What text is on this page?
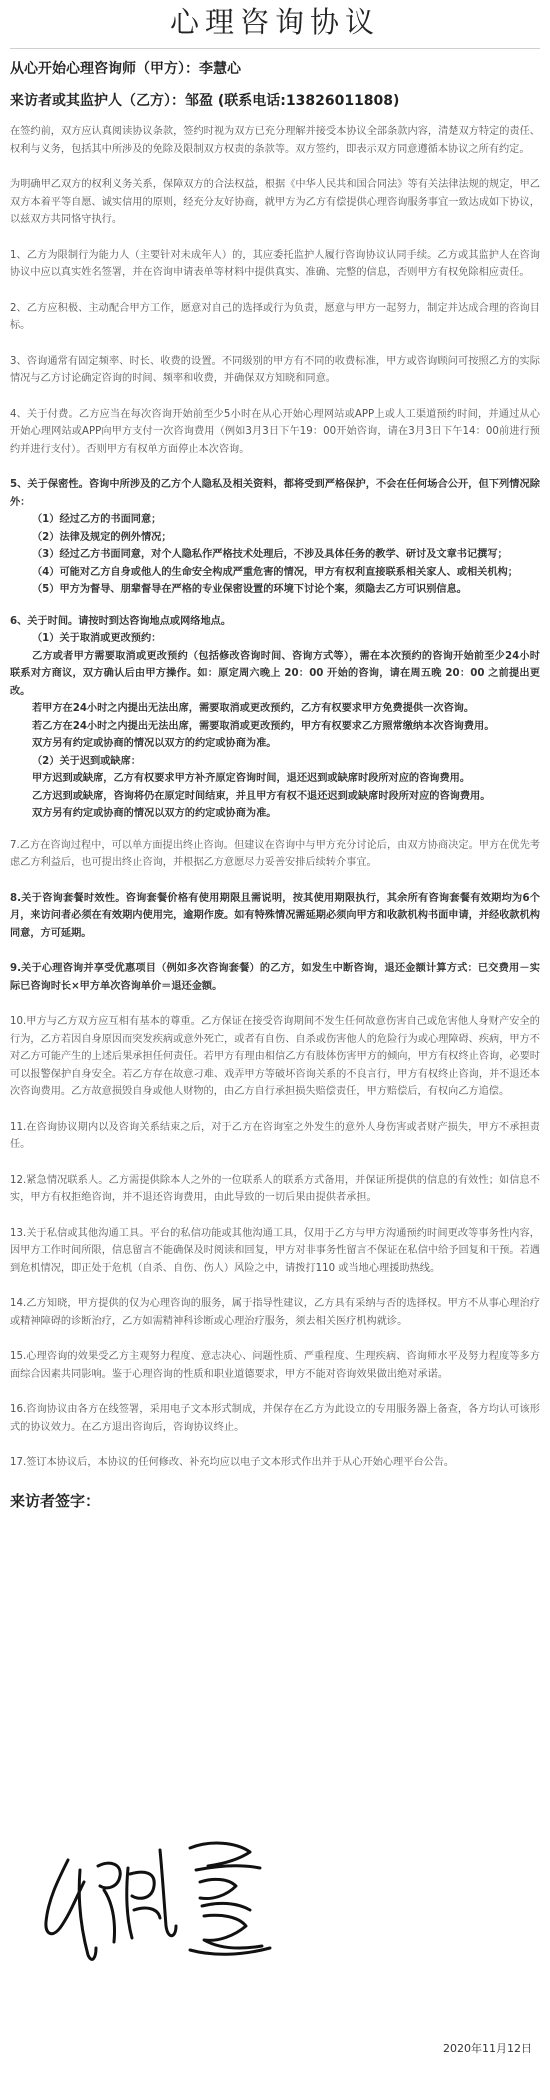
心理咨询协议
从心开始心理咨询师（甲方）：李慧心
来访者或其监护人（乙方）：邹盈 (联系电话:13826011808)

在签约前，双方应认真阅读协议条款，签约时视为双方已充分理解并接受本协议全部条款内容，清楚双方特定的责任、权利与义务，包括其中所涉及的免除及限制双方权责的条款等。双方签约，即表示双方同意遵循本协议之所有约定。

为明确甲乙双方的权利义务关系，保障双方的合法权益，根据《中华人民共和国合同法》等有关法律法规的规定，甲乙双方本着平等自愿、诚实信用的原则，经充分友好协商，就甲方为乙方有偿提供心理咨询服务事宜一致达成如下协议，以兹双方共同恪守执行。

1、乙方为限制行为能力人（主要针对未成年人）的，其应委托监护人履行咨询协议认同手续。乙方或其监护人在咨询协议中应以真实姓名签署，并在咨询申请表单等材料中提供真实、准确、完整的信息，否则甲方有权免除相应责任。

2、乙方应积极、主动配合甲方工作，愿意对自己的选择或行为负责，愿意与甲方一起努力，制定并达成合理的咨询目标。

3、咨询通常有固定频率、时长、收费的设置。不同级别的甲方有不同的收费标准，甲方或咨询顾问可按照乙方的实际情况与乙方讨论确定咨询的时间、频率和收费，并确保双方知晓和同意。

4、关于付费。乙方应当在每次咨询开始前至少5小时在从心开始心理网站或APP上或人工渠道预约时间，并通过从心开始心理网站或APP向甲方支付一次咨询费用（例如3月3日下午19：00开始咨询，请在3月3日下午14：00前进行预约并进行支付）。否则甲方有权单方面停止本次咨询。

5、关于保密性。咨询中所涉及的乙方个人隐私及相关资料，都将受到严格保护，不会在任何场合公开，但下列情况除外：

（1）经过乙方的书面同意；

（2）法律及规定的例外情况；

（3）经过乙方书面同意，对个人隐私作严格技术处理后，不涉及具体任务的教学、研讨及文章书记撰写；

（4）可能对乙方自身或他人的生命安全构成严重危害的情况，甲方有权利直接联系相关家人、或相关机构；

（5）甲方为督导、朋辈督导在严格的专业保密设置的环境下讨论个案，须隐去乙方可识别信息。

6、关于时间。请按时到达咨询地点或网络地点。

（1）关于取消或更改预约：

乙方或者甲方需要取消或更改预约（包括修改咨询时间、咨询方式等），需在本次预约的咨询开始前至少24小时联系对方商议，双方确认后由甲方操作。如：原定周六晚上 20：00 开始的咨询，请在周五晚 20：00 之前提出更改。

若甲方在24小时之内提出无法出席，需要取消或更改预约，乙方有权要求甲方免费提供一次咨询。

若乙方在24小时之内提出无法出席，需要取消或更改预约，甲方有权要求乙方照常缴纳本次咨询费用。

双方另有约定或协商的情况以双方的约定或协商为准。

（2）关于迟到或缺席：

甲方迟到或缺席，乙方有权要求甲方补齐原定咨询时间，退还迟到或缺席时段所对应的咨询费用。

乙方迟到或缺席，咨询将仍在原定时间结束，并且甲方有权不退还迟到或缺席时段所对应的咨询费用。

双方另有约定或协商的情况以双方的约定或协商为准。

7.乙方在咨询过程中，可以单方面提出终止咨询。但建议在咨询中与甲方充分讨论后，由双方协商决定。甲方在优先考虑乙方利益后，也可提出终止咨询，并根据乙方意愿尽力妥善安排后续转介事宜。

8.关于咨询套餐时效性。咨询套餐价格有使用期限且需说明，按其使用期限执行，其余所有咨询套餐有效期均为6个月，来访问者必须在有效期内使用完，逾期作废。如有特殊情况需延期必须向甲方和收款机构书面申请，并经收款机构同意，方可延期。

9.关于心理咨询并享受优惠项目（例如多次咨询套餐）的乙方，如发生中断咨询，退还金额计算方式：已交费用－实际已咨询时长×甲方单次咨询单价＝退还金额。

10.甲方与乙方双方应互相有基本的尊重。乙方保证在接受咨询期间不发生任何故意伤害自己或危害他人身财产安全的行为，乙方若因自身原因而突发疾病或意外死亡，或者有自伤、自杀或伤害他人的危险行为或心理障碍、疾病，甲方不对乙方可能产生的上述后果承担任何责任。若甲方有理由相信乙方有肢体伤害甲方的倾向，甲方有权终止咨询，必要时可以报警保护自身安全。若乙方存在故意刁难、戏弄甲方等破坏咨询关系的不良言行，甲方有权终止咨询，并不退还本次咨询费用。乙方故意损毁自身或他人财物的，由乙方自行承担损失赔偿责任，甲方赔偿后，有权向乙方追偿。

11.在咨询协议期内以及咨询关系结束之后，对于乙方在咨询室之外发生的意外人身伤害或者财产损失，甲方不承担责任。

12.紧急情况联系人。乙方需提供除本人之外的一位联系人的联系方式备用，并保证所提供的信息的有效性；如信息不实，甲方有权拒绝咨询，并不退还咨询费用，由此导致的一切后果由提供者承担。

13.关于私信或其他沟通工具。平台的私信功能或其他沟通工具，仅用于乙方与甲方沟通预约时间更改等事务性内容，因甲方工作时间所限，信息留言不能确保及时阅读和回复，甲方对非事务性留言不保证在私信中给予回复和干预。若遇到危机情况，即正处于危机（自杀、自伤、伤人）风险之中，请拨打110 或当地心理援助热线。

14.乙方知晓，甲方提供的仅为心理咨询的服务，属于指导性建议，乙方具有采纳与否的选择权。甲方不从事心理治疗或精神障碍的诊断治疗，乙方如需精神科诊断或心理治疗服务，须去相关医疗机构就诊。

15.心理咨询的效果受乙方主观努力程度、意志决心、问题性质、严重程度、生理疾病、咨询师水平及努力程度等多方面综合因素共同影响。鉴于心理咨询的性质和职业道德要求，甲方不能对咨询效果做出绝对承诺。

16.咨询协议由各方在线签署，采用电子文本形式制成，并保存在乙方为此设立的专用服务器上备查，各方均认可该形式的协议效力。在乙方退出咨询后，咨询协议终止。

17.签订本协议后，本协议的任何修改、补充均应以电子文本形式作出并于从心开始心理平台公告。

来访者签字：
2020年11月12日
